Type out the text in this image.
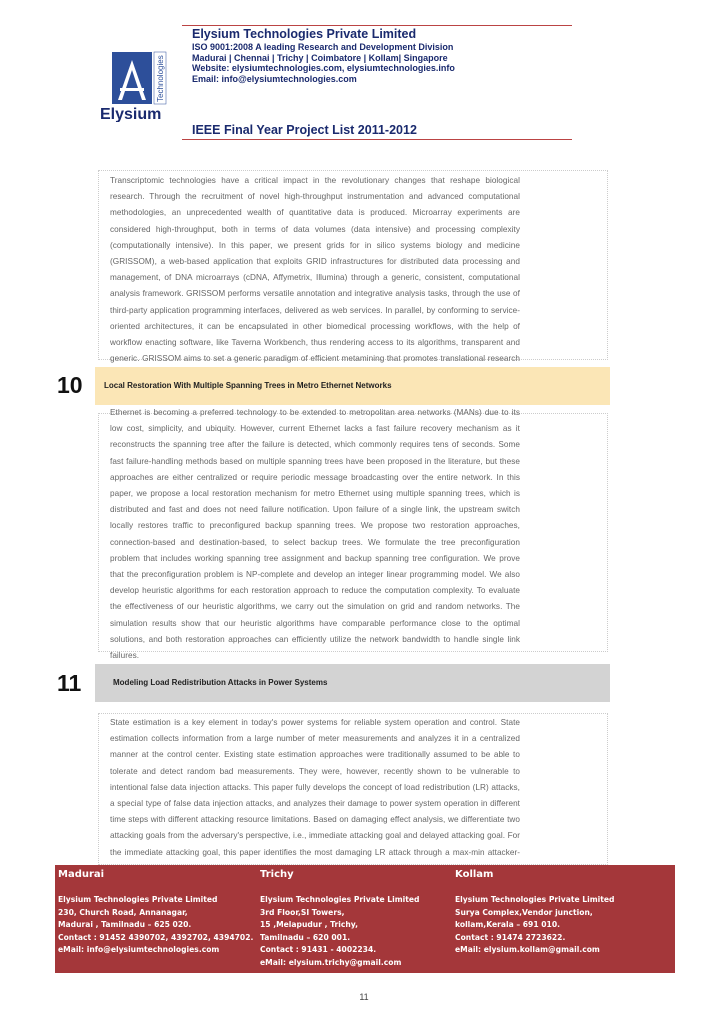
Technologies
Elysium
Elysium Technologies Private Limited
ISO 9001:2008 A leading Research and Development Division
Madurai | Chennai | Trichy | Coimbatore | Kollam| Singapore
Website: elysiumtechnologies.com, elysiumtechnologies.info
Email: info@elysiumtechnologies.com
IEEE Final Year Project List 2011-2012
Transcriptomic technologies have a critical impact in the revolutionary changes that reshape biological research. Through the recruitment of novel high-throughput instrumentation and advanced computational methodologies, an unprecedented wealth of quantitative data is produced. Microarray experiments are considered high-throughput, both in terms of data volumes (data intensive) and processing complexity (computationally intensive). In this paper, we present grids for in silico systems biology and medicine (GRISSOM), a web-based application that exploits GRID infrastructures for distributed data processing and management, of DNA microarrays (cDNA, Affymetrix, Illumina) through a generic, consistent, computational analysis framework. GRISSOM performs versatile annotation and integrative analysis tasks, through the use of third-party application programming interfaces, delivered as web services. In parallel, by conforming to service-oriented architectures, it can be encapsulated in other biomedical processing workflows, with the help of workflow enacting software, like Taverna Workbench, thus rendering access to its algorithms, transparent and generic. GRISSOM aims to set a generic paradigm of efficient metamining that promotes translational research
10	Local Restoration With Multiple Spanning Trees in Metro Ethernet Networks
Ethernet is becoming a preferred technology to be extended to metropolitan area networks (MANs) due to its low cost, simplicity, and ubiquity. However, current Ethernet lacks a fast failure recovery mechanism as it reconstructs the spanning tree after the failure is detected, which commonly requires tens of seconds. Some fast failure-handling methods based on multiple spanning trees have been proposed in the literature, but these approaches are either centralized or require periodic message broadcasting over the entire network. In this paper, we propose a local restoration mechanism for metro Ethernet using multiple spanning trees, which is distributed and fast and does not need failure notification. Upon failure of a single link, the upstream switch locally restores traffic to preconfigured backup spanning trees. We propose two restoration approaches, connection-based and destination-based, to select backup trees. We formulate the tree preconfiguration problem that includes working spanning tree assignment and backup spanning tree configuration. We prove that the preconfiguration problem is NP-complete and develop an integer linear programming model. We also develop heuristic algorithms for each restoration approach to reduce the computation complexity. To evaluate the effectiveness of our heuristic algorithms, we carry out the simulation on grid and random networks. The simulation results show that our heuristic algorithms have comparable performance close to the optimal solutions, and both restoration approaches can efficiently utilize the network bandwidth to handle single link failures.
11	Modeling Load Redistribution Attacks in Power Systems
State estimation is a key element in today's power systems for reliable system operation and control. State estimation collects information from a large number of meter measurements and analyzes it in a centralized manner at the control center. Existing state estimation approaches were traditionally assumed to be able to tolerate and detect random bad measurements. They were, however, recently shown to be vulnerable to intentional false data injection attacks. This paper fully develops the concept of load redistribution (LR) attacks, a special type of false data injection attacks, and analyzes their damage to power system operation in different time steps with different attacking resource limitations. Based on damaging effect analysis, we differentiate two attacking goals from the adversary's perspective, i.e., immediate attacking goal and delayed attacking goal. For the immediate attacking goal, this paper identifies the most damaging LR attack through a max-min attacker-
Madurai
Elysium Technologies Private Limited
230, Church Road, Annanagar,
Madurai , Tamilnadu – 625 020.
Contact : 91452 4390702, 4392702, 4394702.
eMail: info@elysiumtechnologies.com
Trichy
Elysium Technologies Private Limited
3rd Floor,SI Towers,
15 ,Melapudur , Trichy,
Tamilnadu – 620 001.
Contact : 91431 - 4002234.
eMail: elysium.trichy@gmail.com
Kollam
Elysium Technologies Private Limited
Surya Complex,Vendor junction,
kollam,Kerala – 691 010.
Contact : 91474 2723622.
eMail: elysium.kollam@gmail.com
11
